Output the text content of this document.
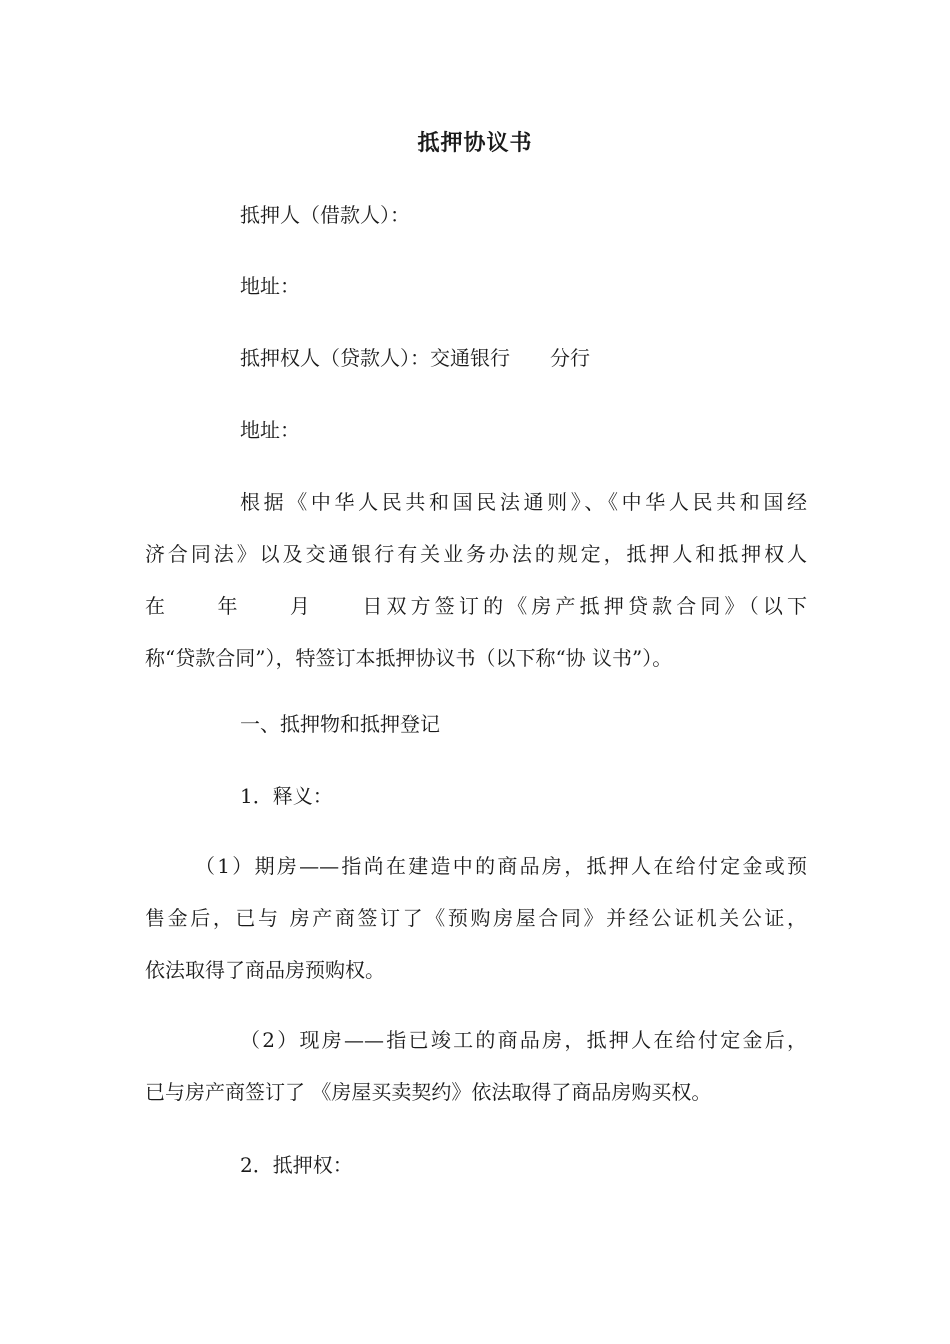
抵押协议书
抵押人（借款人）：
地址：
抵押权人（贷款人）：交通银行　　分行
地址：
根据《中华人民共和国民法通则》、《中华人民共和国经
济合同法》以及交通银行有关业务办法的规定，抵押人和抵押权人
在　　年　　月　　日双方签订的《房产抵押贷款合同》（以下
称“贷款合同”），特签订本抵押协议书（以下称“协 议书”）。
一、抵押物和抵押登记
1．释义：
（1）期房——指尚在建造中的商品房，抵押人在给付定金或预
售金后，已与 房产商签订了《预购房屋合同》并经公证机关公证，
依法取得了商品房预购权。
（2）现房——指已竣工的商品房，抵押人在给付定金后，
已与房产商签订了 《房屋买卖契约》依法取得了商品房购买权。
2．抵押权：
